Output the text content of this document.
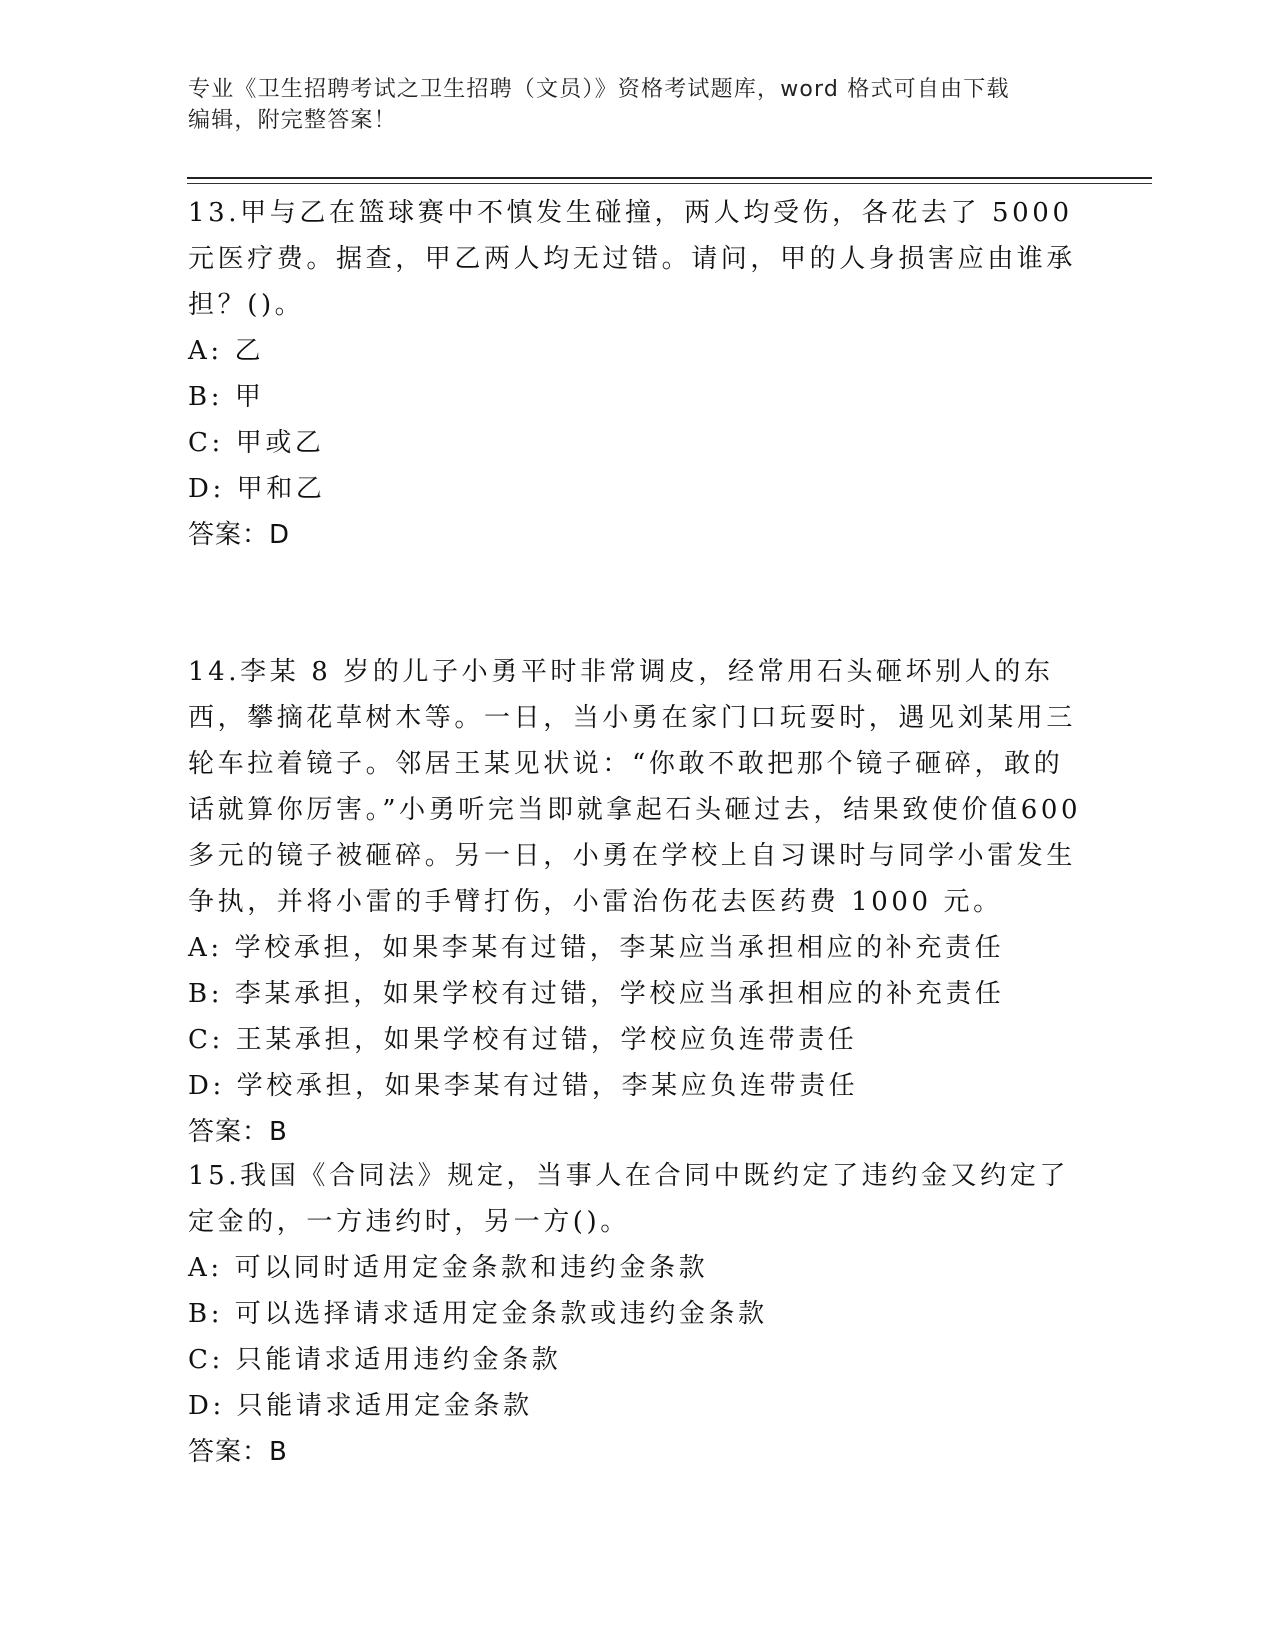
专业《卫生招聘考试之卫生招聘（文员）》资格考试题库，word 格式可自由下载
编辑，附完整答案！

13.甲与乙在篮球赛中不慎发生碰撞，两人均受伤，各花去了 5000 元医疗费。据查，甲乙两人均无过错。请问，甲的人身损害应由谁承担？()。

A: 乙

B: 甲

C: 甲或乙

D: 甲和乙

答案：D

14.李某 8 岁的儿子小勇平时非常调皮，经常用石头砸坏别人的东西，攀摘花草树木等。一日，当小勇在家门口玩耍时，遇见刘某用三轮车拉着镜子。邻居王某见状说：“你敢不敢把那个镜子砸碎，敢的话就算你厉害。”小勇听完当即就拿起石头砸过去，结果致使价值600 多元的镜子被砸碎。另一日，小勇在学校上自习课时与同学小雷发生争执，并将小雷的手臂打伤，小雷治伤花去医药费 1000 元。

A: 学校承担，如果李某有过错，李某应当承担相应的补充责任

B: 李某承担，如果学校有过错，学校应当承担相应的补充责任

C: 王某承担，如果学校有过错，学校应负连带责任

D: 学校承担，如果李某有过错，李某应负连带责任

答案：B

15.我国《合同法》规定，当事人在合同中既约定了违约金又约定了定金的，一方违约时，另一方()。

A: 可以同时适用定金条款和违约金条款

B: 可以选择请求适用定金条款或违约金条款

C: 只能请求适用违约金条款

D: 只能请求适用定金条款

答案：B
